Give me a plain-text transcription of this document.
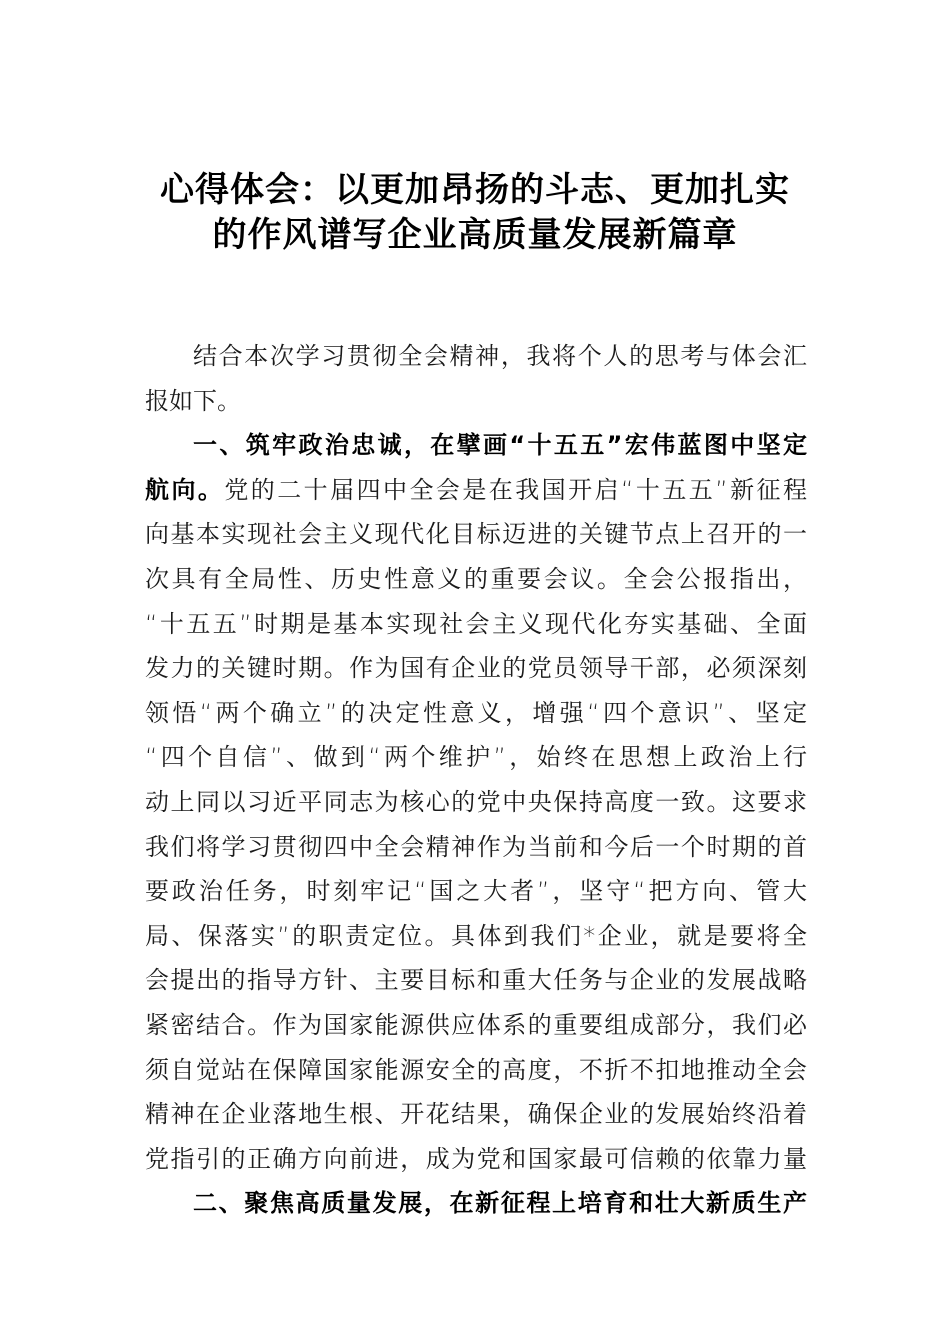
心得体会：以更加昂扬的斗志、更加扎实
的作风谱写企业高质量发展新篇章
结合本次学习贯彻全会精神，我将个人的思考与体会汇
报如下。
一、筑牢政治忠诚，在擘画“十五五”宏伟蓝图中坚定
航向。党的二十届四中全会是在我国开启“十五五”新征程
向基本实现社会主义现代化目标迈进的关键节点上召开的一
次具有全局性、历史性意义的重要会议。全会公报指出，
“十五五”时期是基本实现社会主义现代化夯实基础、全面
发力的关键时期。作为国有企业的党员领导干部，必须深刻
领悟“两个确立”的决定性意义，增强“四个意识”、坚定
“四个自信”、做到“两个维护”，始终在思想上政治上行
动上同以习近平同志为核心的党中央保持高度一致。这要求
我们将学习贯彻四中全会精神作为当前和今后一个时期的首
要政治任务，时刻牢记“国之大者”，坚守“把方向、管大
局、保落实”的职责定位。具体到我们*企业，就是要将全
会提出的指导方针、主要目标和重大任务与企业的发展战略
紧密结合。作为国家能源供应体系的重要组成部分，我们必
须自觉站在保障国家能源安全的高度，不折不扣地推动全会
精神在企业落地生根、开花结果，确保企业的发展始终沿着
党指引的正确方向前进，成为党和国家最可信赖的依靠力量
二、聚焦高质量发展，在新征程上培育和壮大新质生产
